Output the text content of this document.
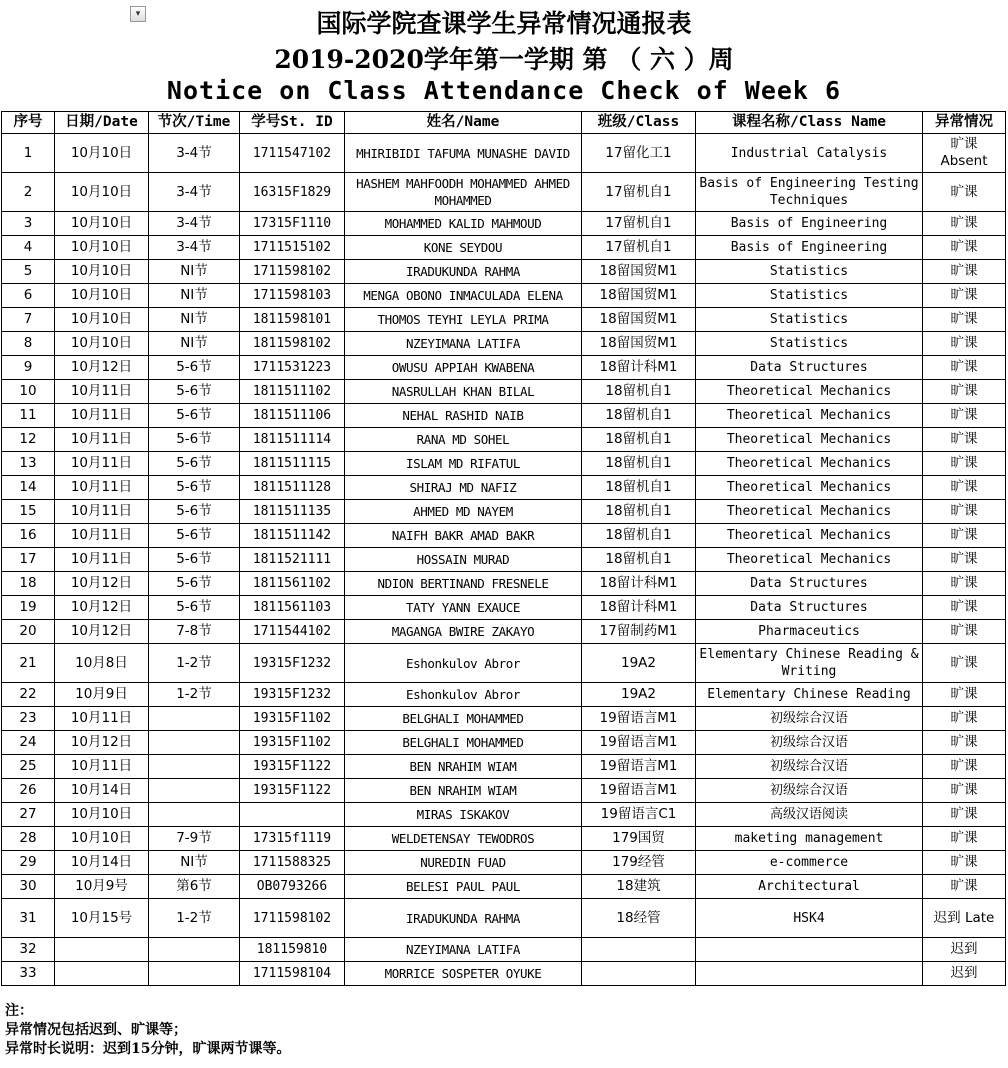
▾	国际学院查课学生异常情况通报表
2019-2020学年第一学期 第 （ 六 ）周
Notice on Class Attendance Check of Week 6
序号	日期/Date	节次/Time	学号St. ID	姓名/Name	班级/Class	课程名称/Class Name	异常情况
1	10月10日	3-4节	1711547102	MHIRIBIDI TAFUMA MUNASHE DAVID	17留化工1	Industrial Catalysis	旷课 Absent
2	10月10日	3-4节	16315F1829	HASHEM MAHFOODH MOHAMMED AHMED MOHAMMED	17留机自1	Basis of Engineering Testing Techniques	旷课
3	10月10日	3-4节	17315F1110	MOHAMMED KALID MAHMOUD	17留机自1	Basis of Engineering	旷课
4	10月10日	3-4节	1711515102	KONE SEYDOU	17留机自1	Basis of Engineering	旷课
5	10月10日	NI节	1711598102	IRADUKUNDA RAHMA	18留国贸M1	Statistics	旷课
6	10月10日	NI节	1711598103	MENGA OBONO INMACULADA ELENA	18留国贸M1	Statistics	旷课
7	10月10日	NI节	1811598101	THOMOS TEYHI LEYLA PRIMA	18留国贸M1	Statistics	旷课
8	10月10日	NI节	1811598102	NZEYIMANA LATIFA	18留国贸M1	Statistics	旷课
9	10月12日	5-6节	1711531223	OWUSU APPIAH KWABENA	18留计科M1	Data Structures	旷课
10	10月11日	5-6节	1811511102	NASRULLAH KHAN BILAL	18留机自1	Theoretical Mechanics	旷课
11	10月11日	5-6节	1811511106	NEHAL RASHID NAIB	18留机自1	Theoretical Mechanics	旷课
12	10月11日	5-6节	1811511114	RANA MD SOHEL	18留机自1	Theoretical Mechanics	旷课
13	10月11日	5-6节	1811511115	ISLAM MD RIFATUL	18留机自1	Theoretical Mechanics	旷课
14	10月11日	5-6节	1811511128	SHIRAJ MD NAFIZ	18留机自1	Theoretical Mechanics	旷课
15	10月11日	5-6节	1811511135	AHMED MD NAYEM	18留机自1	Theoretical Mechanics	旷课
16	10月11日	5-6节	1811511142	NAIFH BAKR AMAD BAKR	18留机自1	Theoretical Mechanics	旷课
17	10月11日	5-6节	1811521111	HOSSAIN MURAD	18留机自1	Theoretical Mechanics	旷课
18	10月12日	5-6节	1811561102	NDION BERTINAND FRESNELE	18留计科M1	Data Structures	旷课
19	10月12日	5-6节	1811561103	TATY YANN EXAUCE	18留计科M1	Data Structures	旷课
20	10月12日	7-8节	1711544102	MAGANGA BWIRE ZAKAYO	17留制药M1	Pharmaceutics	旷课
21	10月8日	1-2节	19315F1232	Eshonkulov Abror	19A2	Elementary Chinese Reading & Writing	旷课
22	10月9日	1-2节	19315F1232	Eshonkulov Abror	19A2	Elementary Chinese Reading	旷课
23	10月11日		19315F1102	BELGHALI MOHAMMED	19留语言M1	初级综合汉语	旷课
24	10月12日		19315F1102	BELGHALI MOHAMMED	19留语言M1	初级综合汉语	旷课
25	10月11日		19315F1122	BEN NRAHIM WIAM	19留语言M1	初级综合汉语	旷课
26	10月14日		19315F1122	BEN NRAHIM WIAM	19留语言M1	初级综合汉语	旷课
27	10月10日			MIRAS ISKAKOV	19留语言C1	高级汉语阅读	旷课
28	10月10日	7-9节	17315f1119	WELDETENSAY TEWODROS	179国贸	maketing management	旷课
29	10月14日	NI节	1711588325	NUREDIN FUAD	179经管	e-commerce	旷课
30	10月9号	第6节	OB0793266	BELESI PAUL PAUL	18建筑	Architectural	旷课
31	10月15号	1-2节	1711598102	IRADUKUNDA RAHMA	18经管	HSK4	迟到 Late
32			181159810	NZEYIMANA LATIFA			迟到
33			1711598104	MORRICE SOSPETER OYUKE			迟到
注：
异常情况包括迟到、旷课等；
异常时长说明：迟到15分钟，旷课两节课等。
